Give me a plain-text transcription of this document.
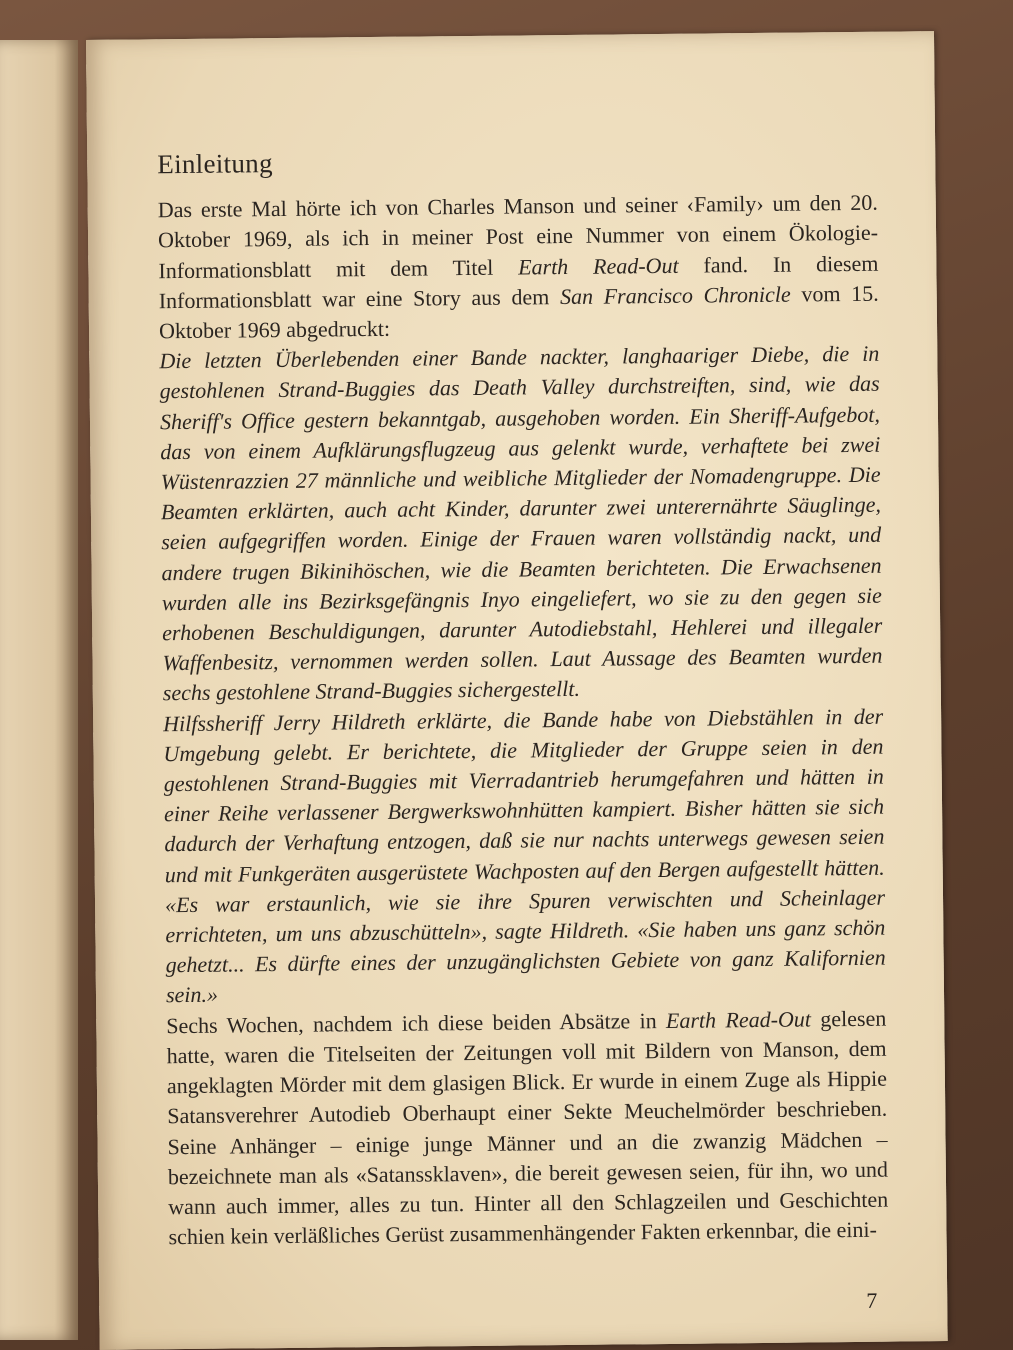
Einleitung

Das erste Mal hörte ich von Charles Manson und seiner ‹Family› um den 20. Oktober 1969, als ich in meiner Post eine Nummer von einem Ökologie-Informationsblatt mit dem Titel Earth Read-Out fand. In diesem Informationsblatt war eine Story aus dem San Francisco Chronicle vom 15. Oktober 1969 abgedruckt:

Die letzten Überlebenden einer Bande nackter, langhaariger Diebe, die in gestohlenen Strand-Buggies das Death Valley durchstreiften, sind, wie das Sheriff's Office gestern bekanntgab, ausgehoben worden. Ein Sheriff-Aufgebot, das von einem Aufklärungsflugzeug aus gelenkt wurde, verhaftete bei zwei Wüstenrazzien 27 männliche und weibliche Mitglieder der Nomadengruppe. Die Beamten erklärten, auch acht Kinder, darunter zwei unterernährte Säuglinge, seien aufgegriffen worden. Einige der Frauen waren vollständig nackt, und andere trugen Bikinihöschen, wie die Beamten berichteten. Die Erwachsenen wurden alle ins Bezirksgefängnis Inyo eingeliefert, wo sie zu den gegen sie erhobenen Beschuldigungen, darunter Autodiebstahl, Hehlerei und illegaler Waffenbesitz, vernommen werden sollen. Laut Aussage des Beamten wurden sechs gestohlene Strand-Buggies sichergestellt.

Hilfssheriff Jerry Hildreth erklärte, die Bande habe von Diebstählen in der Umgebung gelebt. Er berichtete, die Mitglieder der Gruppe seien in den gestohlenen Strand-Buggies mit Vierradantrieb herumgefahren und hätten in einer Reihe verlassener Bergwerkswohnhütten kampiert. Bisher hätten sie sich dadurch der Verhaftung entzogen, daß sie nur nachts unterwegs gewesen seien und mit Funkgeräten ausgerüstete Wachposten auf den Bergen aufgestellt hätten. «Es war erstaunlich, wie sie ihre Spuren verwischten und Scheinlager errichteten, um uns abzuschütteln», sagte Hildreth. «Sie haben uns ganz schön gehetzt... Es dürfte eines der unzugänglichsten Gebiete von ganz Kalifornien sein.»

Sechs Wochen, nachdem ich diese beiden Absätze in Earth Read-Out gelesen hatte, waren die Titelseiten der Zeitungen voll mit Bildern von Manson, dem angeklagten Mörder mit dem glasigen Blick. Er wurde in einem Zuge als Hippie Satansverehrer Autodieb Oberhaupt einer Sekte Meuchelmörder beschrieben. Seine Anhänger – einige junge Männer und an die zwanzig Mädchen – bezeichnete man als «Satanssklaven», die bereit gewesen seien, für ihn, wo und wann auch immer, alles zu tun. Hinter all den Schlagzeilen und Geschichten schien kein verläßliches Gerüst zusammenhängender Fakten erkennbar, die eini-

7
